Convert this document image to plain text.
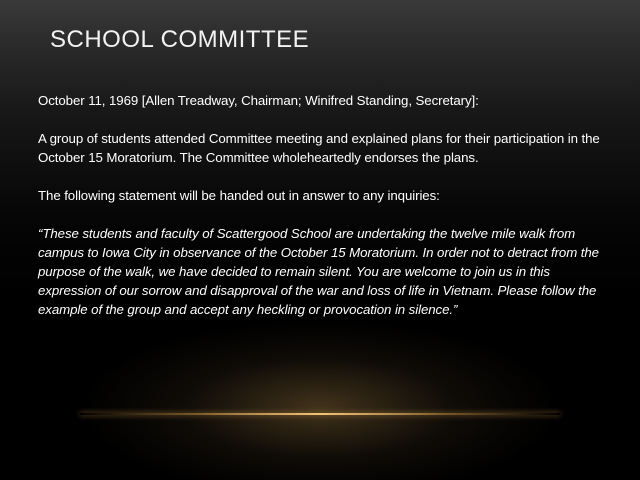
SCHOOL COMMITTEE

October 11, 1969 [Allen Treadway, Chairman; Winifred Standing, Secretary]:

A group of students attended Committee meeting and explained plans for their participation in the October 15 Moratorium. The Committee wholeheartedly endorses the plans.

The following statement will be handed out in answer to any inquiries:

“These students and faculty of Scattergood School are undertaking the twelve mile walk from campus to Iowa City in observance of the October 15 Moratorium. In order not to detract from the purpose of the walk, we have decided to remain silent. You are welcome to join us in this expression of our sorrow and disapproval of the war and loss of life in Vietnam. Please follow the example of the group and accept any heckling or provocation in silence.”
